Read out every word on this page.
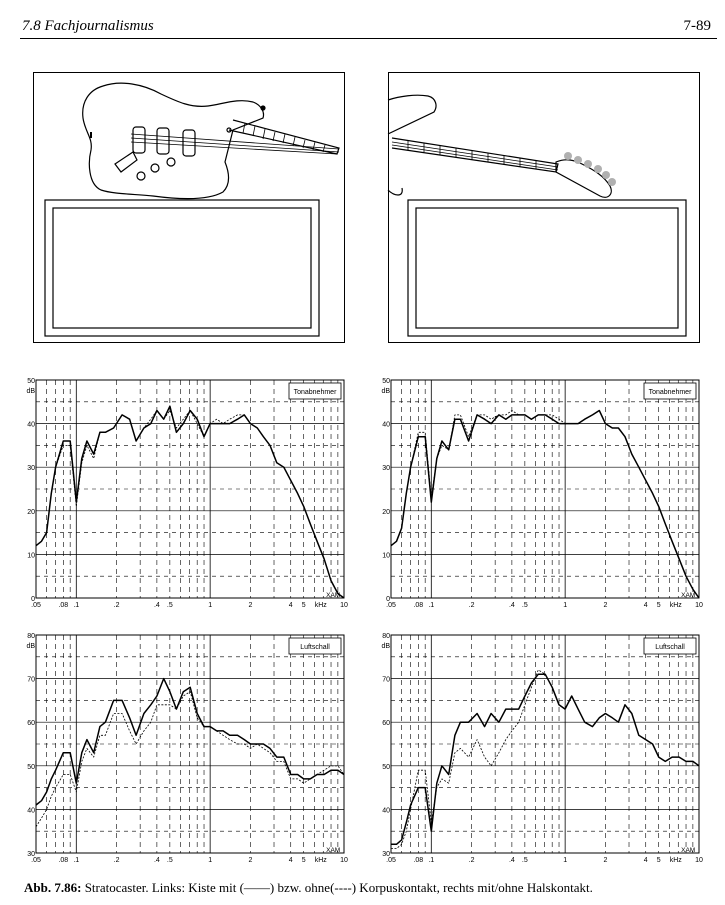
7.8 Fachjournalismus	7-89
0
10
20
30
40
50
dB
.05	.08 .1	.2	.4 .5	1	2	4 5 kHz 10
XAM
Tonabnehmer
0
10
20
30
40
50
dB
.05	.08 .1	.2	.4 .5	1	2	4 5 kHz 10
XAM
Tonabnehmer
30
40
50
60
70
80
dB
.05	.08 .1	.2	.4 .5	1	2	4 5 kHz 10
XAM
Luftschall
30
40
50
60
70
80
dB
.05	.08 .1	.2	.4 .5	1	2	4 5 kHz 10
XAM
Luftschall
Abb. 7.86: Stratocaster. Links: Kiste mit (——) bzw. ohne(----) Korpuskontakt, rechts mit/ohne Halskontakt.
